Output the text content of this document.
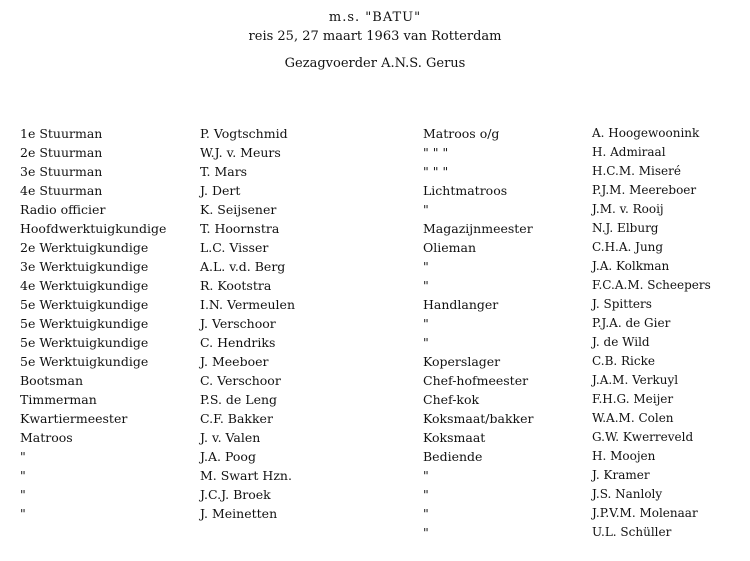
m.s. "BATU"
reis 25, 27 maart 1963 van Rotterdam
Gezagvoerder A.N.S. Gerus
1e Stuurman
2e Stuurman
3e Stuurman
4e Stuurman
Radio officier
Hoofdwerktuigkundige
2e Werktuigkundige
3e Werktuigkundige
4e Werktuigkundige
5e Werktuigkundige
5e Werktuigkundige
5e Werktuigkundige
5e Werktuigkundige
Bootsman
Timmerman
Kwartiermeester
Matroos
"
"
"
"
P. Vogtschmid
W.J. v. Meurs
T. Mars
J. Dert
K. Seijsener
T. Hoornstra
L.C. Visser
A.L. v.d. Berg
R. Kootstra
I.N. Vermeulen
J. Verschoor
C. Hendriks
J. Meeboer
C. Verschoor
P.S. de Leng
C.F. Bakker
J. v. Valen
J.A. Poog
M. Swart Hzn.
J.C.J. Broek
J. Meinetten
Matroos o/g
" " "
" " "
Lichtmatroos
"
Magazijnmeester
Olieman
"
"
Handlanger
"
"
Koperslager
Chef-hofmeester
Chef-kok
Koksmaat/bakker
Koksmaat
Bediende
"
"
"
"
A. Hoogewoonink
H. Admiraal
H.C.M. Miseré
P.J.M. Meereboer
J.M. v. Rooij
N.J. Elburg
C.H.A. Jung
J.A. Kolkman
F.C.A.M. Scheepers
J. Spitters
P.J.A. de Gier
J. de Wild
C.B. Ricke
J.A.M. Verkuyl
F.H.G. Meijer
W.A.M. Colen
G.W. Kwerreveld
H. Moojen
J. Kramer
J.S. Nanloly
J.P.V.M. Molenaar
U.L. Schüller
